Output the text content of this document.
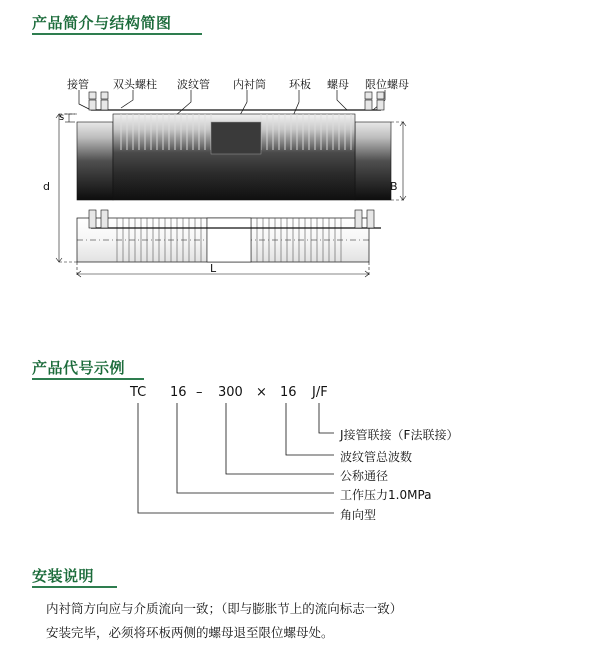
产品简介与结构简图
接管 双头螺柱 波纹管 内衬筒 环板 螺母 限位螺母
s
d	B
L
产品代号示例
TC 16 – 300 × 16 J/F
J接管联接（F法联接）
波纹管总波数
公称通径
工作压力1.0MPa
角向型
安装说明

内衬筒方向应与介质流向一致；（即与膨胀节上的流向标志一致）

安装完毕，必须将环板两侧的螺母退至限位螺母处。
